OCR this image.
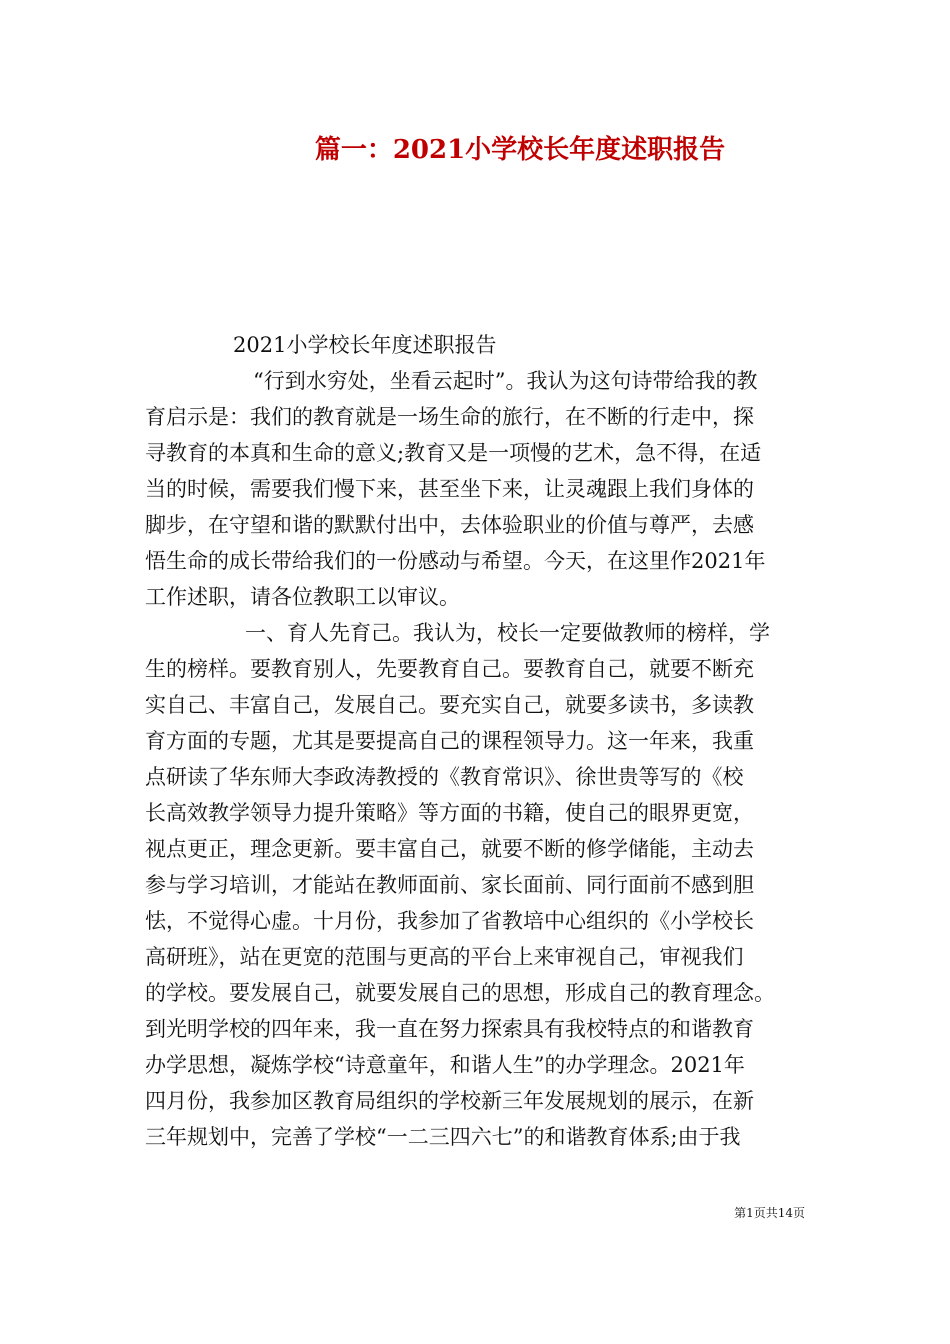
篇一：2021小学校长年度述职报告
2021小学校长年度述职报告
“行到水穷处，坐看云起时”。我认为这句诗带给我的教
育启示是：我们的教育就是一场生命的旅行，在不断的行走中，探
寻教育的本真和生命的意义;教育又是一项慢的艺术，急不得，在适
当的时候，需要我们慢下来，甚至坐下来，让灵魂跟上我们身体的
脚步，在守望和谐的默默付出中，去体验职业的价值与尊严，去感
悟生命的成长带给我们的一份感动与希望。今天，在这里作2021年
工作述职，请各位教职工以审议。
一、育人先育己。我认为，校长一定要做教师的榜样，学
生的榜样。要教育别人，先要教育自己。要教育自己，就要不断充
实自己、丰富自己，发展自己。要充实自己，就要多读书，多读教
育方面的专题，尤其是要提高自己的课程领导力。这一年来，我重
点研读了华东师大李政涛教授的《教育常识》、徐世贵等写的《校
长高效教学领导力提升策略》等方面的书籍，使自己的眼界更宽，
视点更正，理念更新。要丰富自己，就要不断的修学储能，主动去
参与学习培训，才能站在教师面前、家长面前、同行面前不感到胆
怯，不觉得心虚。十月份，我参加了省教培中心组织的《小学校长
高研班》，站在更宽的范围与更高的平台上来审视自己，审视我们
的学校。要发展自己，就要发展自己的思想，形成自己的教育理念。
到光明学校的四年来，我一直在努力探索具有我校特点的和谐教育
办学思想，凝炼学校“诗意童年，和谐人生”的办学理念。2021年
四月份，我参加区教育局组织的学校新三年发展规划的展示，在新
三年规划中，完善了学校“一二三四六七”的和谐教育体系;由于我
第1页共14页
